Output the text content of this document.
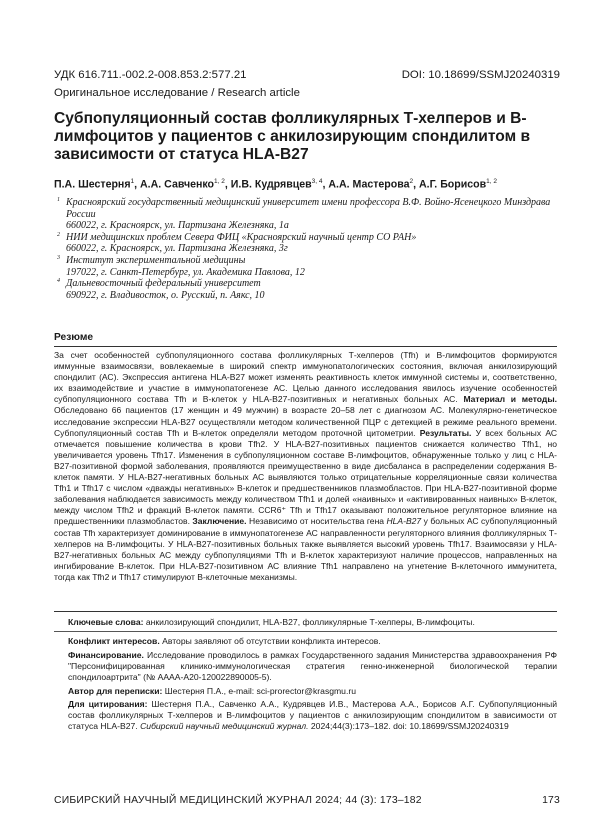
УДК 616.711.-002.2-008.853.2:577.21	DOI: 10.18699/SSMJ20240319
Оригинальное исследование / Research article
Субпопуляционный состав фолликулярных Т-хелперов и В-лимфоцитов у пациентов с анкилозирующим спондилитом в зависимости от статуса HLA-B27
П.А. Шестерня$^1$, А.А. Савченко$^{1, 2}$, И.В. Кудрявцев$^{3, 4}$, А.А. Мастерова$^2$, А.Г. Борисов$^{1, 2}$
1 Красноярский государственный медицинский университет имени профессора В.Ф. Войно-Ясенецкого Минздрава России
660022, г. Красноярск, ул. Партизана Железняка, 1а
2 НИИ медицинских проблем Севера ФИЦ «Красноярский научный центр СО РАН»
660022, г. Красноярск, ул. Партизана Железняка, 3г
3 Институт экспериментальной медицины
197022, г. Санкт-Петербург, ул. Академика Павлова, 12
4 Дальневосточный федеральный университет
690922, г. Владивосток, о. Русский, п. Аякс, 10
Резюме
За счет особенностей субпопуляционного состава фолликулярных Т-хелперов (Tfh) и В-лимфоцитов формируются иммунные взаимосвязи, вовлекаемые в широкий спектр иммунопатологических состояния, включая анкилозирующий спондилит (АС). Экспрессия антигена HLA-B27 может изменять реактивность клеток иммунной системы и, соответственно, их взаимодействие и участие в иммунопатогенезе АС. Целью данного исследования явилось изучение особенностей субпопуляционного состава Tfh и В-клеток у HLA-B27-позитивных и негативных больных АС. Материал и методы. Обследовано 66 пациентов (17 женщин и 49 мужчин) в возрасте 20–58 лет с диагнозом АС. Молекулярно-генетическое исследование экспрессии HLA-B27 осуществляли методом количественной ПЦР с детекцией в режиме реального времени. Субпопуляционный состав Tfh и В-клеток определяли методом проточной цитометрии. Результаты. У всех больных АС отмечается повышение количества в крови Tfh2. У HLA-B27-позитивных пациентов снижается количество Tfh1, но увеличивается уровень Tfh17. Изменения в субпопуляционном составе В-лимфоцитов, обнаруженные только у лиц с HLA-B27-позитивной формой заболевания, проявляются преимущественно в виде дисбаланса в распределении содержания В-клеток памяти. У HLA-B27-негативных больных АС выявляются только отрицательные корреляционные связи количества Tfh1 и Tfh17 с числом «дважды негативных» В-клеток и предшественников плазмобластов. При HLA-B27-позитивной форме заболевания наблюдается зависимость между количеством Tfh1 и долей «наивных» и «активированных наивных» В-клеток, между числом Tfh2 и фракций В-клеток памяти. CCR6⁺ Tfh и Tfh17 оказывают положительное регуляторное влияние на предшественники плазмобластов. Заключение. Независимо от носительства гена HLA-B27 у больных АС субпопуляционный состав Tfh характеризует доминирование в иммунопатогенезе АС направленности регуляторного влияния фолликулярных Т-хелперов на В-лимфоциты. У HLA-B27-позитивных больных также выявляется высокий уровень Tfh17. Взаимосвязи у HLA-B27-негативных больных АС между субпопуляциями Tfh и В-клеток характеризуют наличие процессов, направленных на ингибирование В-клеток. При HLA-B27-позитивном АС влияние Tfh1 направлено на угнетение В-клеточного иммунитета, тогда как Tfh2 и Tfh17 стимулируют В-клеточные механизмы.
Ключевые слова: анкилозирующий спондилит, HLA-B27, фолликулярные Т-хелперы, В-лимфоциты.
Конфликт интересов. Авторы заявляют об отсутствии конфликта интересов.
Финансирование. Исследование проводилось в рамках Государственного задания Министерства здравоохранения РФ "Персонифицированная клинико-иммунологическая стратегия генно-инженерной биологической терапии спондилоартрита" (№ АААА-А20-120022890005-5).
Автор для переписки: Шестерня П.А., e-mail: sci-prorector@krasgmu.ru
Для цитирования: Шестерня П.А., Савченко А.А., Кудрявцев И.В., Мастерова А.А., Борисов А.Г. Субпопуляционный состав фолликулярных Т-хелперов и В-лимфоцитов у пациентов с анкилозирующим спондилитом в зависимости от статуса HLA-B27. Сибирский научный медицинский журнал. 2024;44(3):173–182. doi: 10.18699/SSMJ20240319
СИБИРСКИЙ НАУЧНЫЙ МЕДИЦИНСКИЙ ЖУРНАЛ 2024; 44 (3): 173–182	173
